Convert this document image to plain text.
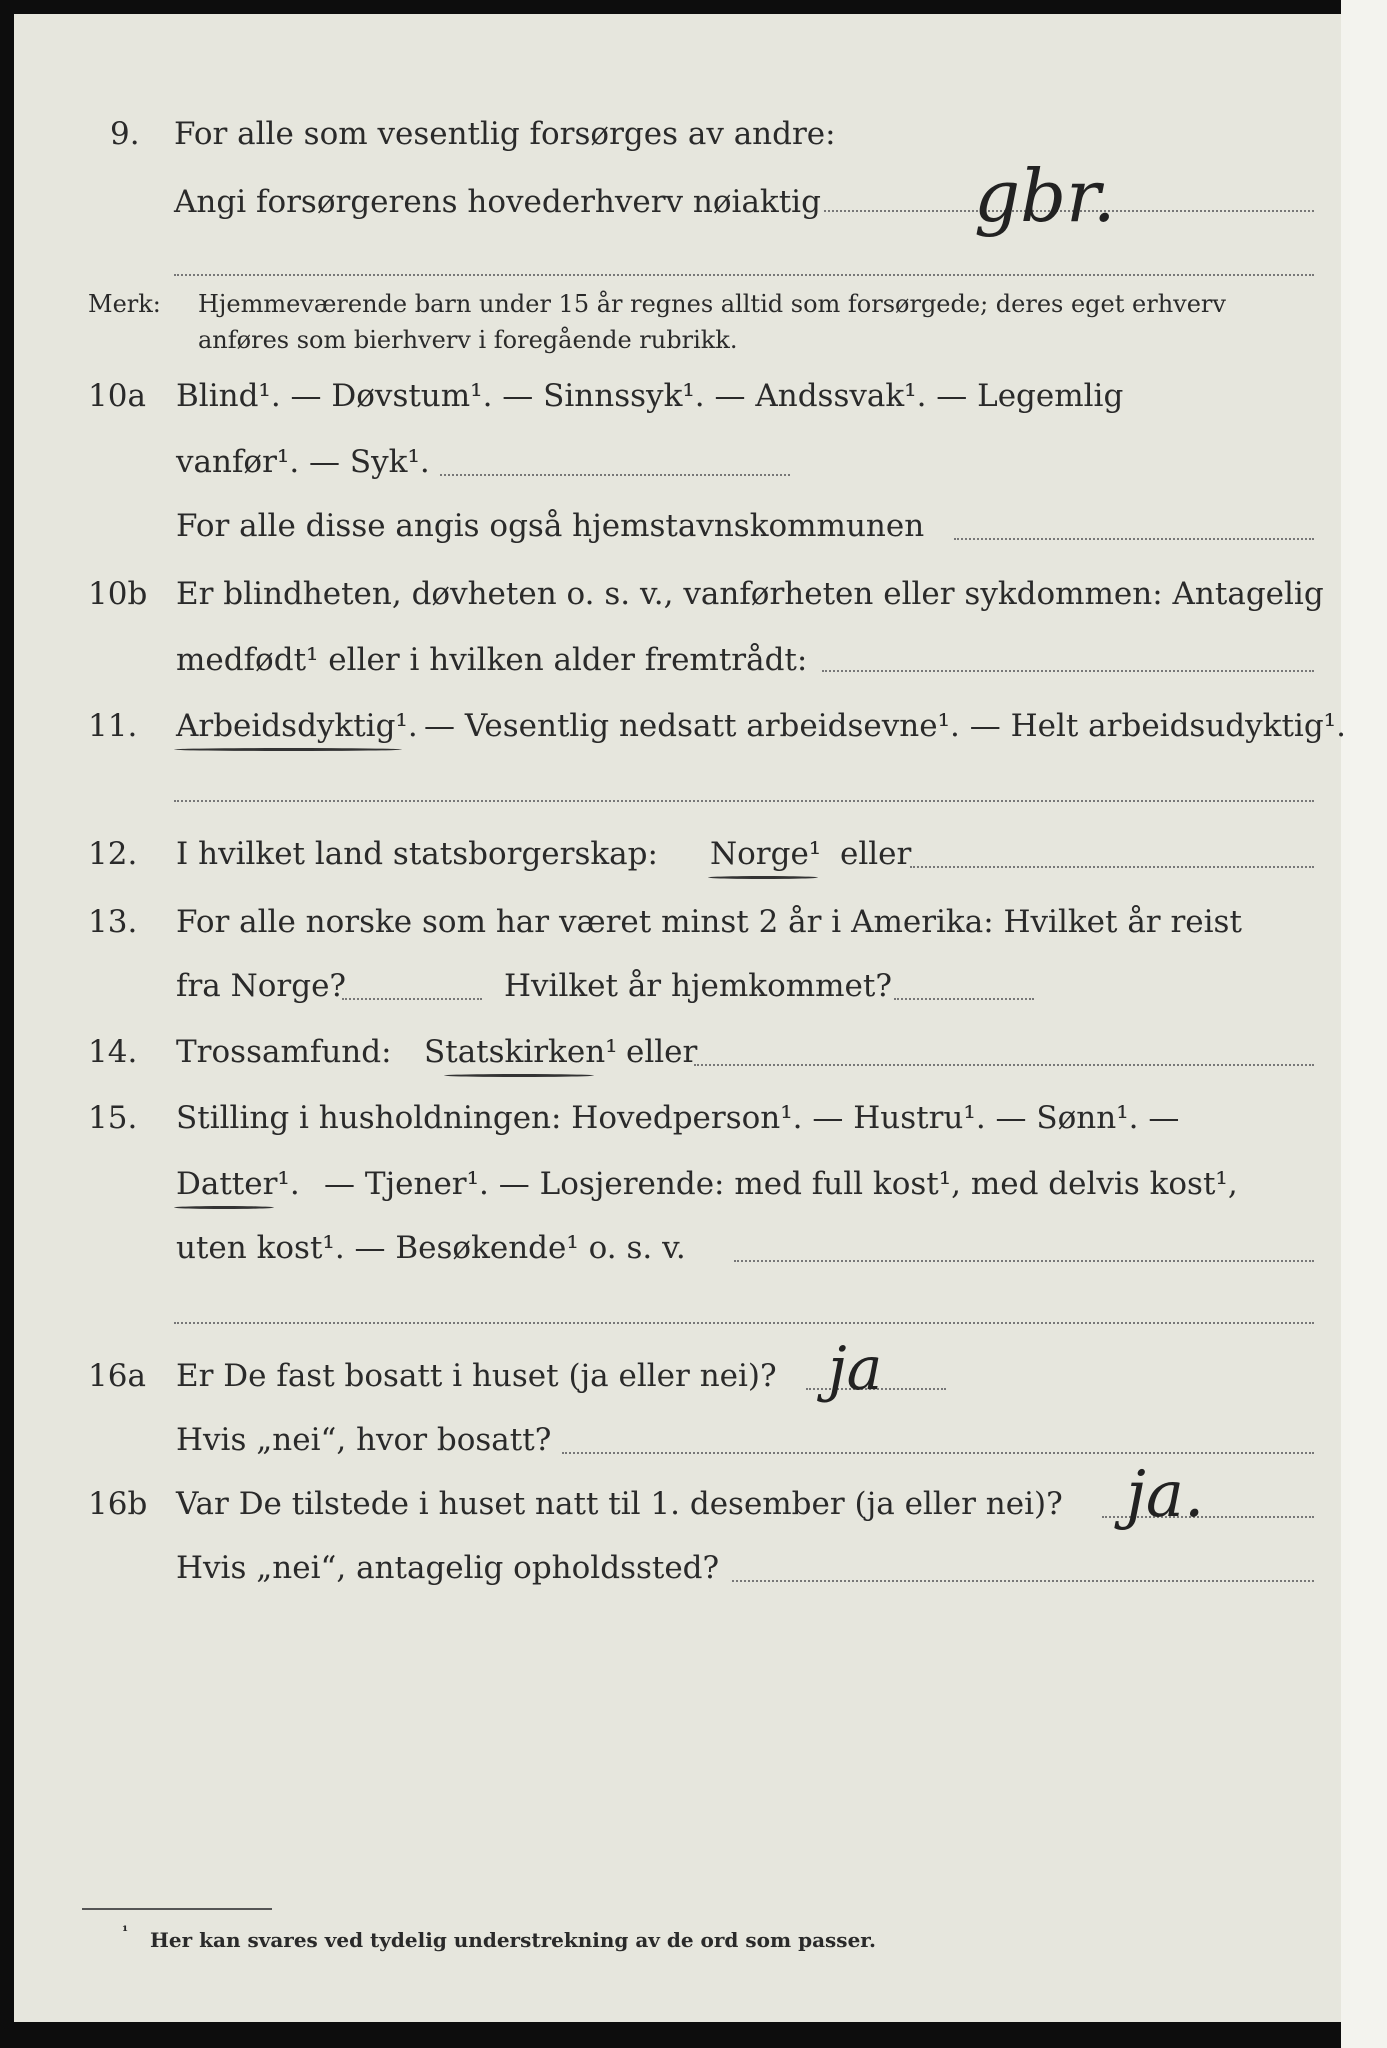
9.	For alle som vesentlig forsørges av andre:
Angi forsørgerens hovederhverv nøiaktig gbr.
Merk: Hjemmeværende barn under 15 år regnes alltid som forsørgede; deres eget erhverv
anføres som bierhverv i foregående rubrikk.
10a Blind¹. — Døvstum¹. — Sinnssyk¹. — Andssvak¹. — Legemlig
vanfør¹. — Syk¹.
For alle disse angis også hjemstavnskommunen
10b Er blindheten, døvheten o. s. v., vanførheten eller sykdommen: Antagelig
medfødt¹ eller i hvilken alder fremtrådt:
11.	Arbeidsdyktig¹. — Vesentlig nedsatt arbeidsevne¹. — Helt arbeidsudyktig¹.
12.	I hvilket land statsborgerskap: Norge¹ eller
13.	For alle norske som har været minst 2 år i Amerika: Hvilket år reist
fra Norge?	Hvilket år hjemkommet?
14.	Trossamfund: Statskirken¹ eller
15.	Stilling i husholdningen: Hovedperson¹. — Hustru¹. — Sønn¹. —
Datter¹. — Tjener¹. — Losjerende: med full kost¹, med delvis kost¹,
uten kost¹. — Besøkende¹ o. s. v.
16a Er De fast bosatt i huset (ja eller nei)? ja
Hvis „nei“, hvor bosatt?
16b Var De tilstede i huset natt til 1. desember (ja eller nei)? ja.
Hvis „nei“, antagelig opholdssted?
¹ Her kan svares ved tydelig understrekning av de ord som passer.
